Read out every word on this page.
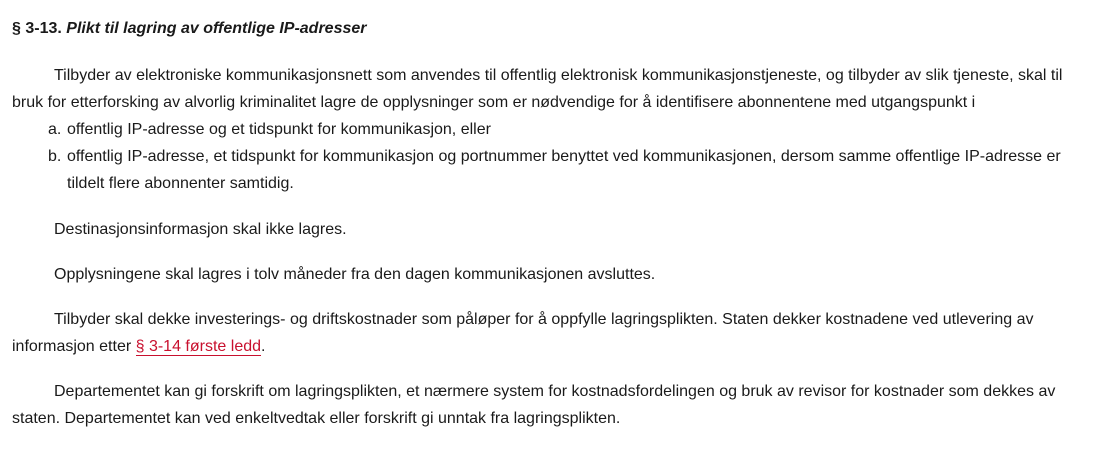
§ 3-13. Plikt til lagring av offentlige IP-adresser

Tilbyder av elektroniske kommunikasjonsnett som anvendes til offentlig elektronisk kommunikasjonstjeneste, og tilbyder av slik tjeneste, skal til bruk for etterforsking av alvorlig kriminalitet lagre de opplysninger som er nødvendige for å identifisere abonnentene med utgangspunkt i

a. offentlig IP-adresse og et tidspunkt for kommunikasjon, eller
b. offentlig IP-adresse, et tidspunkt for kommunikasjon og portnummer benyttet ved kommunikasjonen, dersom samme offentlige IP-adresse er tildelt flere abonnenter samtidig.

Destinasjonsinformasjon skal ikke lagres.

Opplysningene skal lagres i tolv måneder fra den dagen kommunikasjonen avsluttes.

Tilbyder skal dekke investerings- og driftskostnader som påløper for å oppfylle lagringsplikten. Staten dekker kostnadene ved utlevering av informasjon etter § 3-14 første ledd.

Departementet kan gi forskrift om lagringsplikten, et nærmere system for kostnadsfordelingen og bruk av revisor for kostnader som dekkes av staten. Departementet kan ved enkeltvedtak eller forskrift gi unntak fra lagringsplikten.
